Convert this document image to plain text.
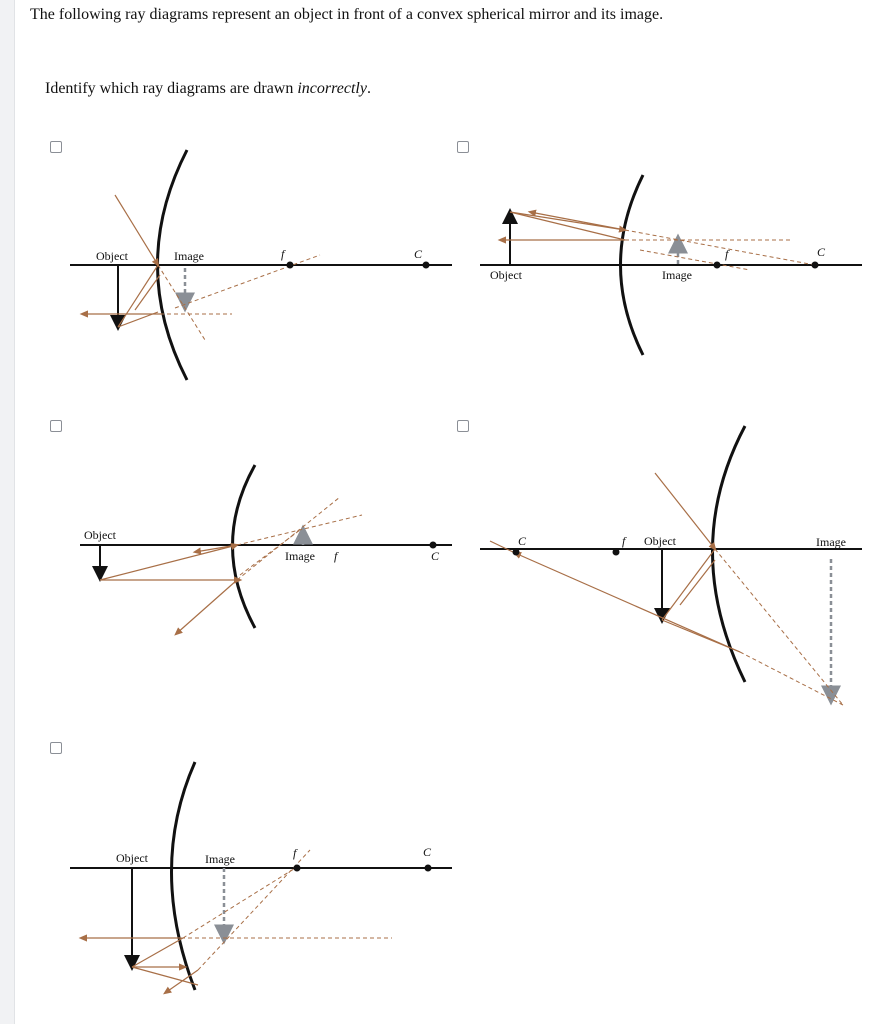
The following ray diagrams represent an object in front of a convex spherical mirror and its image.
Identify which ray diagrams are drawn incorrectly.
Object	Image	f	C
Object	Image
f	C
Object
Image f	C
C	f Object	Image
Object	Image	f	C
